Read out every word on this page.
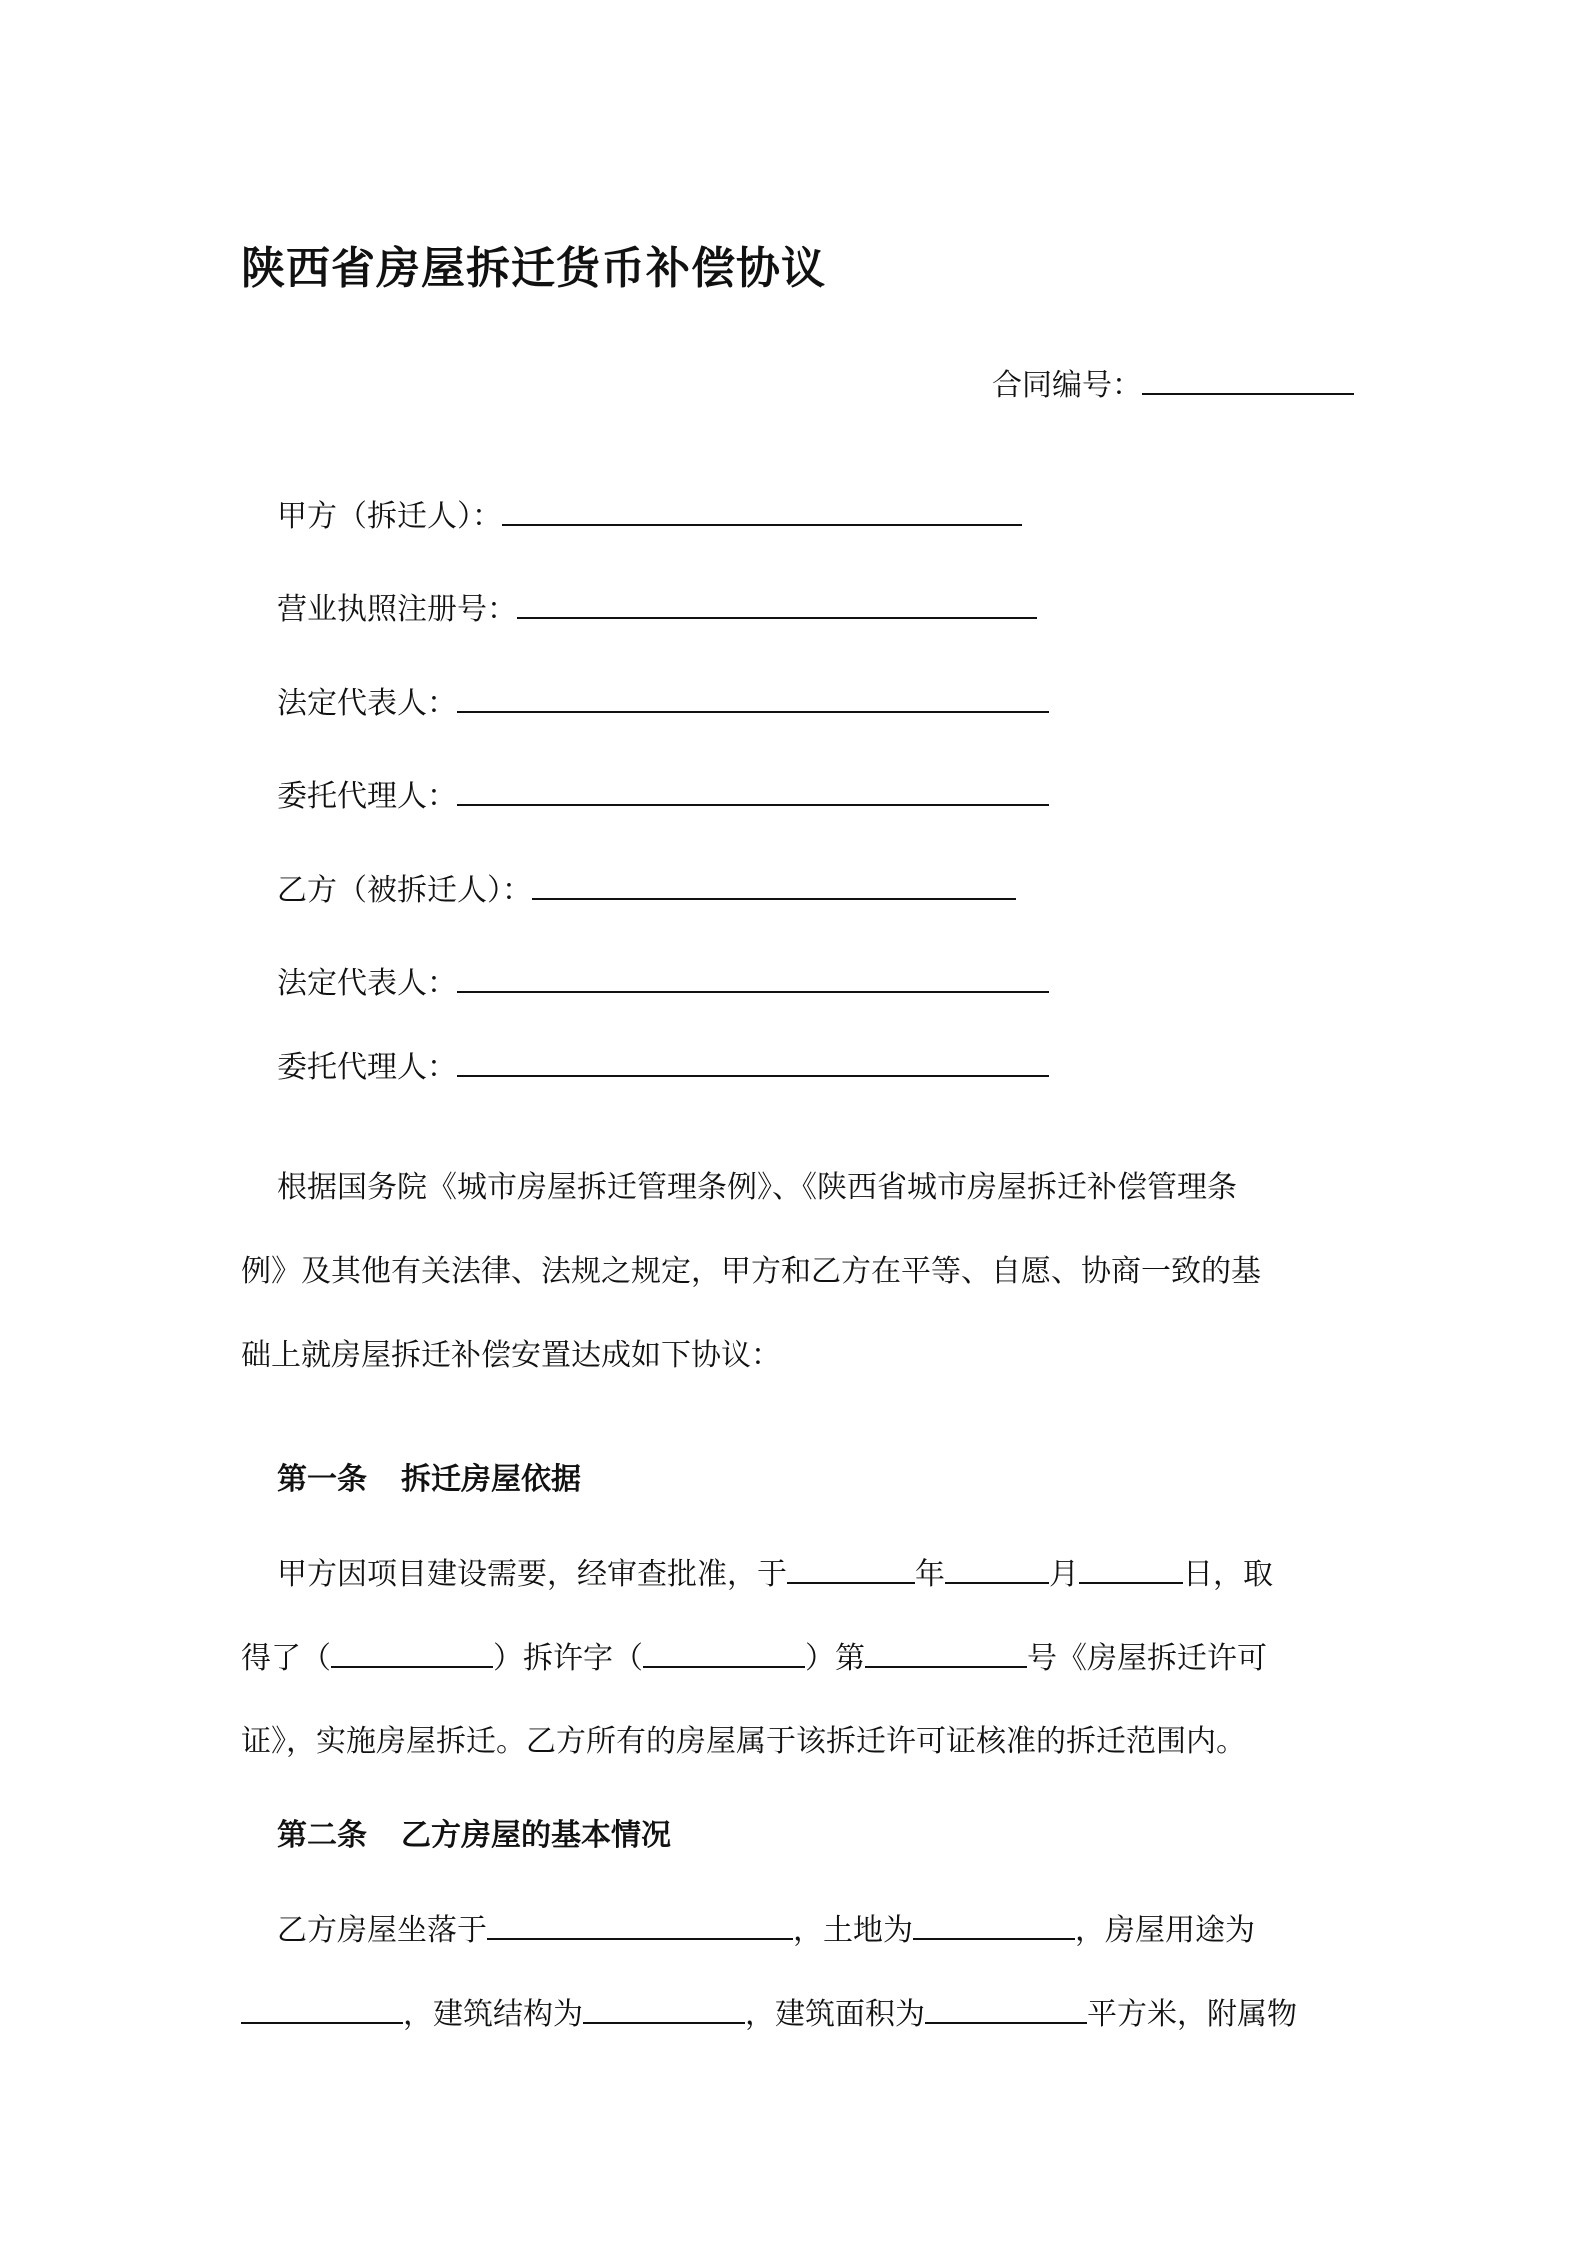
陕西省房屋拆迁货币补偿协议
合同编号：
甲方（拆迁人）：
营业执照注册号：
法定代表人：
委托代理人：
乙方（被拆迁人）：
法定代表人：
委托代理人：
根据国务院《城市房屋拆迁管理条例》、《陕西省城市房屋拆迁补偿管理条
例》及其他有关法律、法规之规定，甲方和乙方在平等、自愿、协商一致的基
础上就房屋拆迁补偿安置达成如下协议：
第一条 拆迁房屋依据
甲方因项目建设需要，经审查批准，于	年	月	日，取
得了（	）拆许字（	）第	号《房屋拆迁许可
证》，实施房屋拆迁。乙方所有的房屋属于该拆迁许可证核准的拆迁范围内。
第二条 乙方房屋的基本情况
乙方房屋坐落于	，土地为	，房屋用途为
，建筑结构为	，建筑面积为	平方米，附属物
